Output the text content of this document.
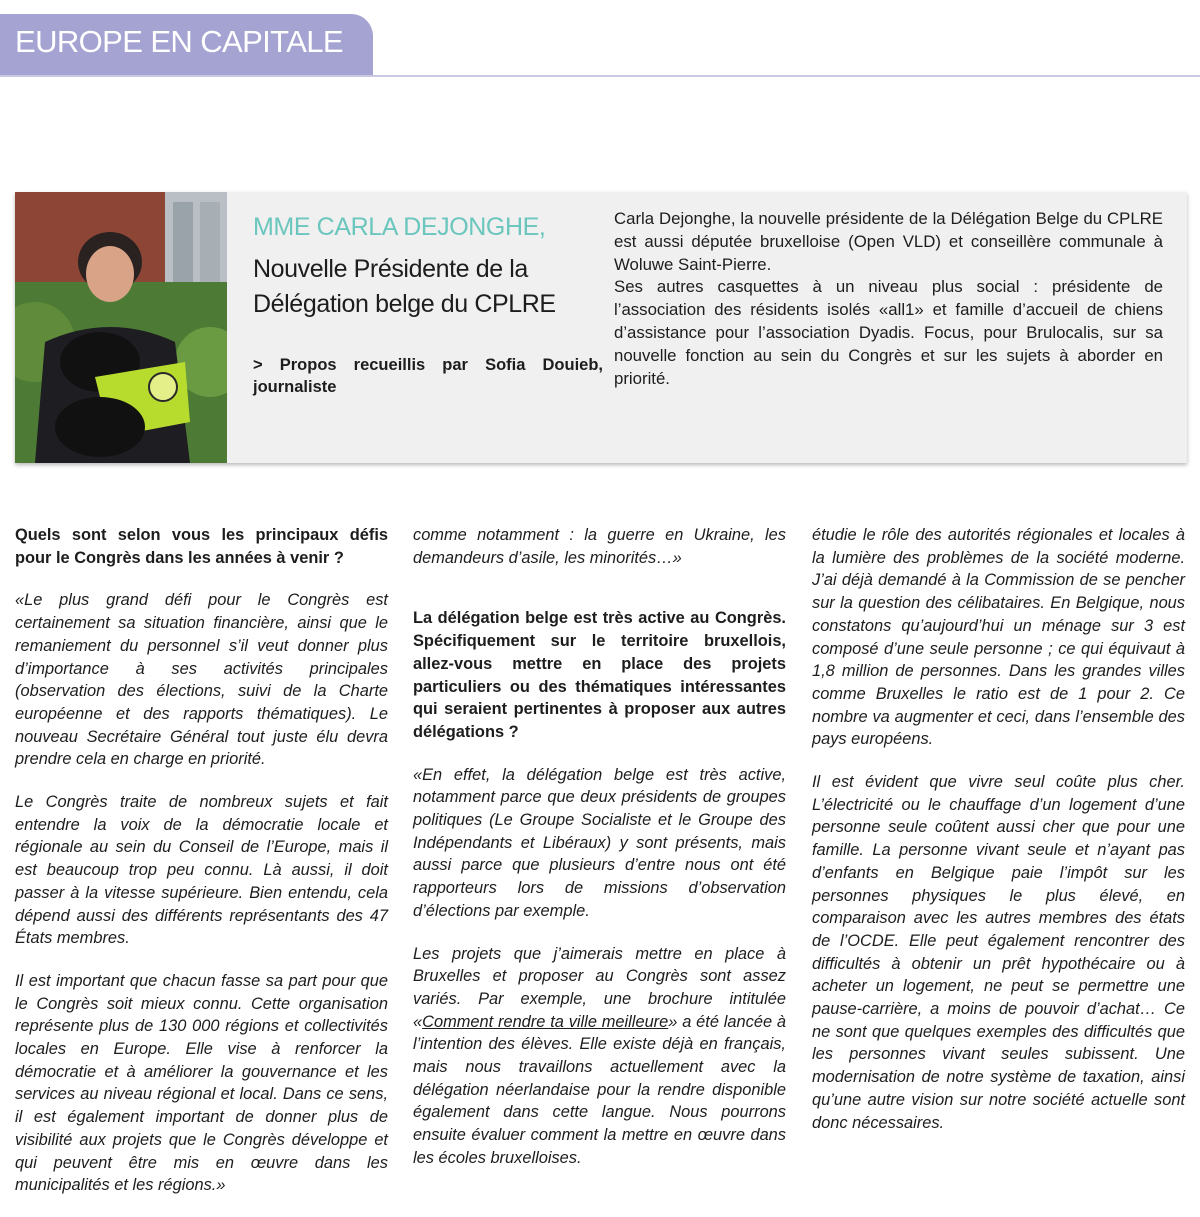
EUROPE EN CAPITALE
MME CARLA DEJONGHE,
Nouvelle Présidente de la Délégation belge du CPLRE
> Propos recueillis par Sofia Douieb, journaliste

Carla Dejonghe, la nouvelle présidente de la Délégation Belge du CPLRE est aussi députée bruxelloise (Open VLD) et conseillère communale à Woluwe Saint-Pierre.

Ses autres casquettes à un niveau plus social : présidente de l’association des résidents isolés «all1» et famille d’accueil de chiens d’assistance pour l’association Dyadis. Focus, pour Brulocalis, sur sa nouvelle fonction au sein du Congrès et sur les sujets à aborder en priorité.

Quels sont selon vous les principaux défis pour le Congrès dans les années à venir ?

«Le plus grand défi pour le Congrès est certainement sa situation financière, ainsi que le remaniement du personnel s’il veut donner plus d’importance à ses activités principales (observation des élections, suivi de la Charte européenne et des rapports thématiques). Le nouveau Secrétaire Général tout juste élu devra prendre cela en charge en priorité.

Le Congrès traite de nombreux sujets et fait entendre la voix de la démocratie locale et régionale au sein du Conseil de l’Europe, mais il est beaucoup trop peu connu. Là aussi, il doit passer à la vitesse supérieure. Bien entendu, cela dépend aussi des différents représentants des 47 États membres.

Il est important que chacun fasse sa part pour que le Congrès soit mieux connu. Cette organisation représente plus de 130 000 régions et collectivités locales en Europe. Elle vise à renforcer la démocratie et à améliorer la gouvernance et les services au niveau régional et local. Dans ce sens, il est également important de donner plus de visibilité aux projets que le Congrès développe et qui peuvent être mis en œuvre dans les municipalités et les régions.»

comme notamment : la guerre en Ukraine, les demandeurs d’asile, les minorités…»

La délégation belge est très active au Congrès. Spécifiquement sur le territoire bruxellois, allez-vous mettre en place des projets particuliers ou des thématiques intéressantes qui seraient pertinentes à proposer aux autres délégations ?

«En effet, la délégation belge est très active, notamment parce que deux présidents de groupes politiques (Le Groupe Socialiste et le Groupe des Indépendants et Libéraux) y sont présents, mais aussi parce que plusieurs d’entre nous ont été rapporteurs lors de missions d’observation d’élections par exemple.

Les projets que j’aimerais mettre en place à Bruxelles et proposer au Congrès sont assez variés. Par exemple, une brochure intitulée «Comment rendre ta ville meilleure» a été lancée à l’intention des élèves. Elle existe déjà en français, mais nous travaillons actuellement avec la délégation néerlandaise pour la rendre disponible également dans cette langue. Nous pourrons ensuite évaluer comment la mettre en œuvre dans les écoles bruxelloises.

étudie le rôle des autorités régionales et locales à la lumière des problèmes de la société moderne. J’ai déjà demandé à la Commission de se pencher sur la question des célibataires. En Belgique, nous constatons qu’aujourd’hui un ménage sur 3 est composé d’une seule personne ; ce qui équivaut à 1,8 million de personnes. Dans les grandes villes comme Bruxelles le ratio est de 1 pour 2. Ce nombre va augmenter et ceci, dans l’ensemble des pays européens.

Il est évident que vivre seul coûte plus cher. L’électricité ou le chauffage d’un logement d’une personne seule coûtent aussi cher que pour une famille. La personne vivant seule et n’ayant pas d’enfants en Belgique paie l’impôt sur les personnes physiques le plus élevé, en comparaison avec les autres membres des états de l’OCDE. Elle peut également rencontrer des difficultés à obtenir un prêt hypothécaire ou à acheter un logement, ne peut se permettre une pause-carrière, a moins de pouvoir d’achat… Ce ne sont que quelques exemples des difficultés que les personnes vivant seules subissent. Une modernisation de notre système de taxation, ainsi qu’une autre vision sur notre société actuelle sont donc nécessaires.
